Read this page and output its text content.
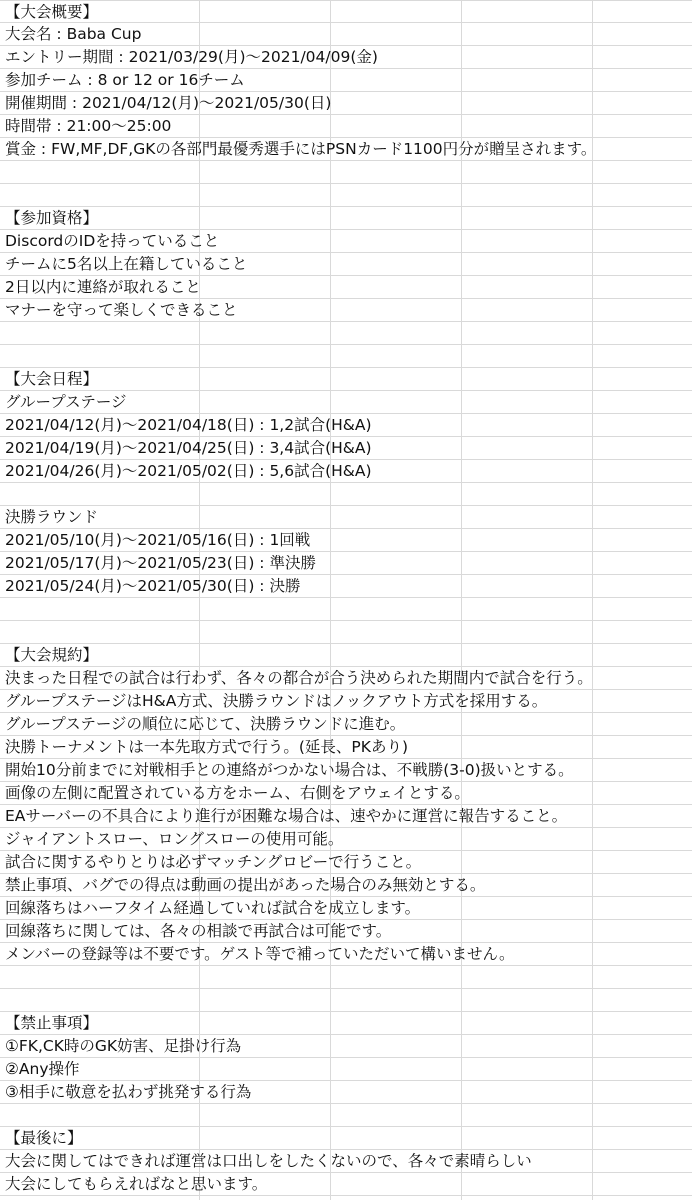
【大会概要】
大会名 : Baba Cup
エントリー期間 : 2021/03/29(月)～2021/04/09(金)
参加チーム : 8 or 12 or 16チーム
開催期間 : 2021/04/12(月)～2021/05/30(日)
時間帯 : 21:00～25:00
賞金 : FW,MF,DF,GKの各部門最優秀選手にはPSNカード1100円分が贈呈されます。
【参加資格】
DiscordのIDを持っていること
チームに5名以上在籍していること
2日以内に連絡が取れること
マナーを守って楽しくできること
【大会日程】
グループステージ
2021/04/12(月)～2021/04/18(日) : 1,2試合(H&A)
2021/04/19(月)～2021/04/25(日) : 3,4試合(H&A)
2021/04/26(月)～2021/05/02(日) : 5,6試合(H&A)
決勝ラウンド
2021/05/10(月)～2021/05/16(日) : 1回戦
2021/05/17(月)～2021/05/23(日) : 準決勝
2021/05/24(月)～2021/05/30(日) : 決勝
【大会規約】
決まった日程での試合は行わず、各々の都合が合う決められた期間内で試合を行う。
グループステージはH&A方式、決勝ラウンドはノックアウト方式を採用する。
グループステージの順位に応じて、決勝ラウンドに進む。
決勝トーナメントは一本先取方式で行う。(延長、PKあり)
開始10分前までに対戦相手との連絡がつかない場合は、不戦勝(3-0)扱いとする。
画像の左側に配置されている方をホーム、右側をアウェイとする。
EAサーバーの不具合により進行が困難な場合は、速やかに運営に報告すること。
ジャイアントスロー、ロングスローの使用可能。
試合に関するやりとりは必ずマッチングロビーで行うこと。
禁止事項、バグでの得点は動画の提出があった場合のみ無効とする。
回線落ちはハーフタイム経過していれば試合を成立します。
回線落ちに関しては、各々の相談で再試合は可能です。
メンバーの登録等は不要です。ゲスト等で補っていただいて構いません。
【禁止事項】
①FK,CK時のGK妨害、足掛け行為
②Any操作
③相手に敬意を払わず挑発する行為
【最後に】
大会に関してはできれば運営は口出しをしたくないので、各々で素晴らしい
大会にしてもらえればなと思います。
